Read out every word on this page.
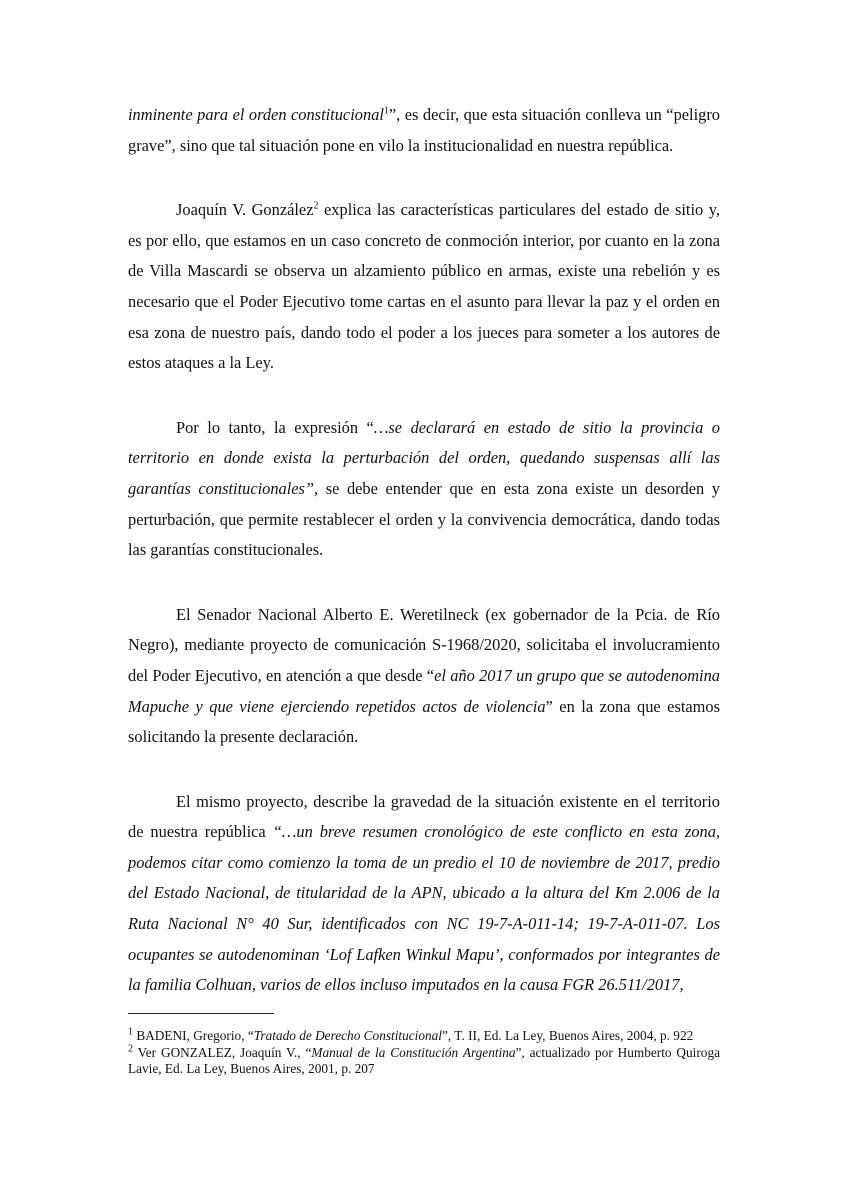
inminente para el orden constitucional$^1$”, es decir, que esta situación conlleva un “peligro grave”, sino que tal situación pone en vilo la institucionalidad en nuestra república.

Joaquín V. González$^2$ explica las características particulares del estado de sitio y, es por ello, que estamos en un caso concreto de conmoción interior, por cuanto en la zona de Villa Mascardi se observa un alzamiento público en armas, existe una rebelión y es necesario que el Poder Ejecutivo tome cartas en el asunto para llevar la paz y el orden en esa zona de nuestro país, dando todo el poder a los jueces para someter a los autores de estos ataques a la Ley.

Por lo tanto, la expresión “…se declarará en estado de sitio la provincia o territorio en donde exista la perturbación del orden, quedando suspensas allí las garantías constitucionales”, se debe entender que en esta zona existe un desorden y perturbación, que permite restablecer el orden y la convivencia democrática, dando todas las garantías constitucionales.

El Senador Nacional Alberto E. Weretilneck (ex gobernador de la Pcia. de Río Negro), mediante proyecto de comunicación S-1968/2020, solicitaba el involucramiento del Poder Ejecutivo, en atención a que desde “el año 2017 un grupo que se autodenomina Mapuche y que viene ejerciendo repetidos actos de violencia” en la zona que estamos solicitando la presente declaración.

El mismo proyecto, describe la gravedad de la situación existente en el territorio de nuestra república “…un breve resumen cronológico de este conflicto en esta zona, podemos citar como comienzo la toma de un predio el 10 de noviembre de 2017, predio del Estado Nacional, de titularidad de la APN, ubicado a la altura del Km 2.006 de la Ruta Nacional N° 40 Sur, identificados con NC 19-7-A-011-14; 19-7-A-011-07. Los ocupantes se autodenominan ‘Lof Lafken Winkul Mapu’, conformados por integrantes de la familia Colhuan, varios de ellos incluso imputados en la causa FGR 26.511/2017,

$^1$ BADENI, Gregorio, “Tratado de Derecho Constitucional”, T. II, Ed. La Ley, Buenos Aires, 2004, p. 922

$^2$ Ver GONZALEZ, Joaquín V., “Manual de la Constitución Argentina”, actualizado por Humberto Quiroga Lavie, Ed. La Ley, Buenos Aires, 2001, p. 207
